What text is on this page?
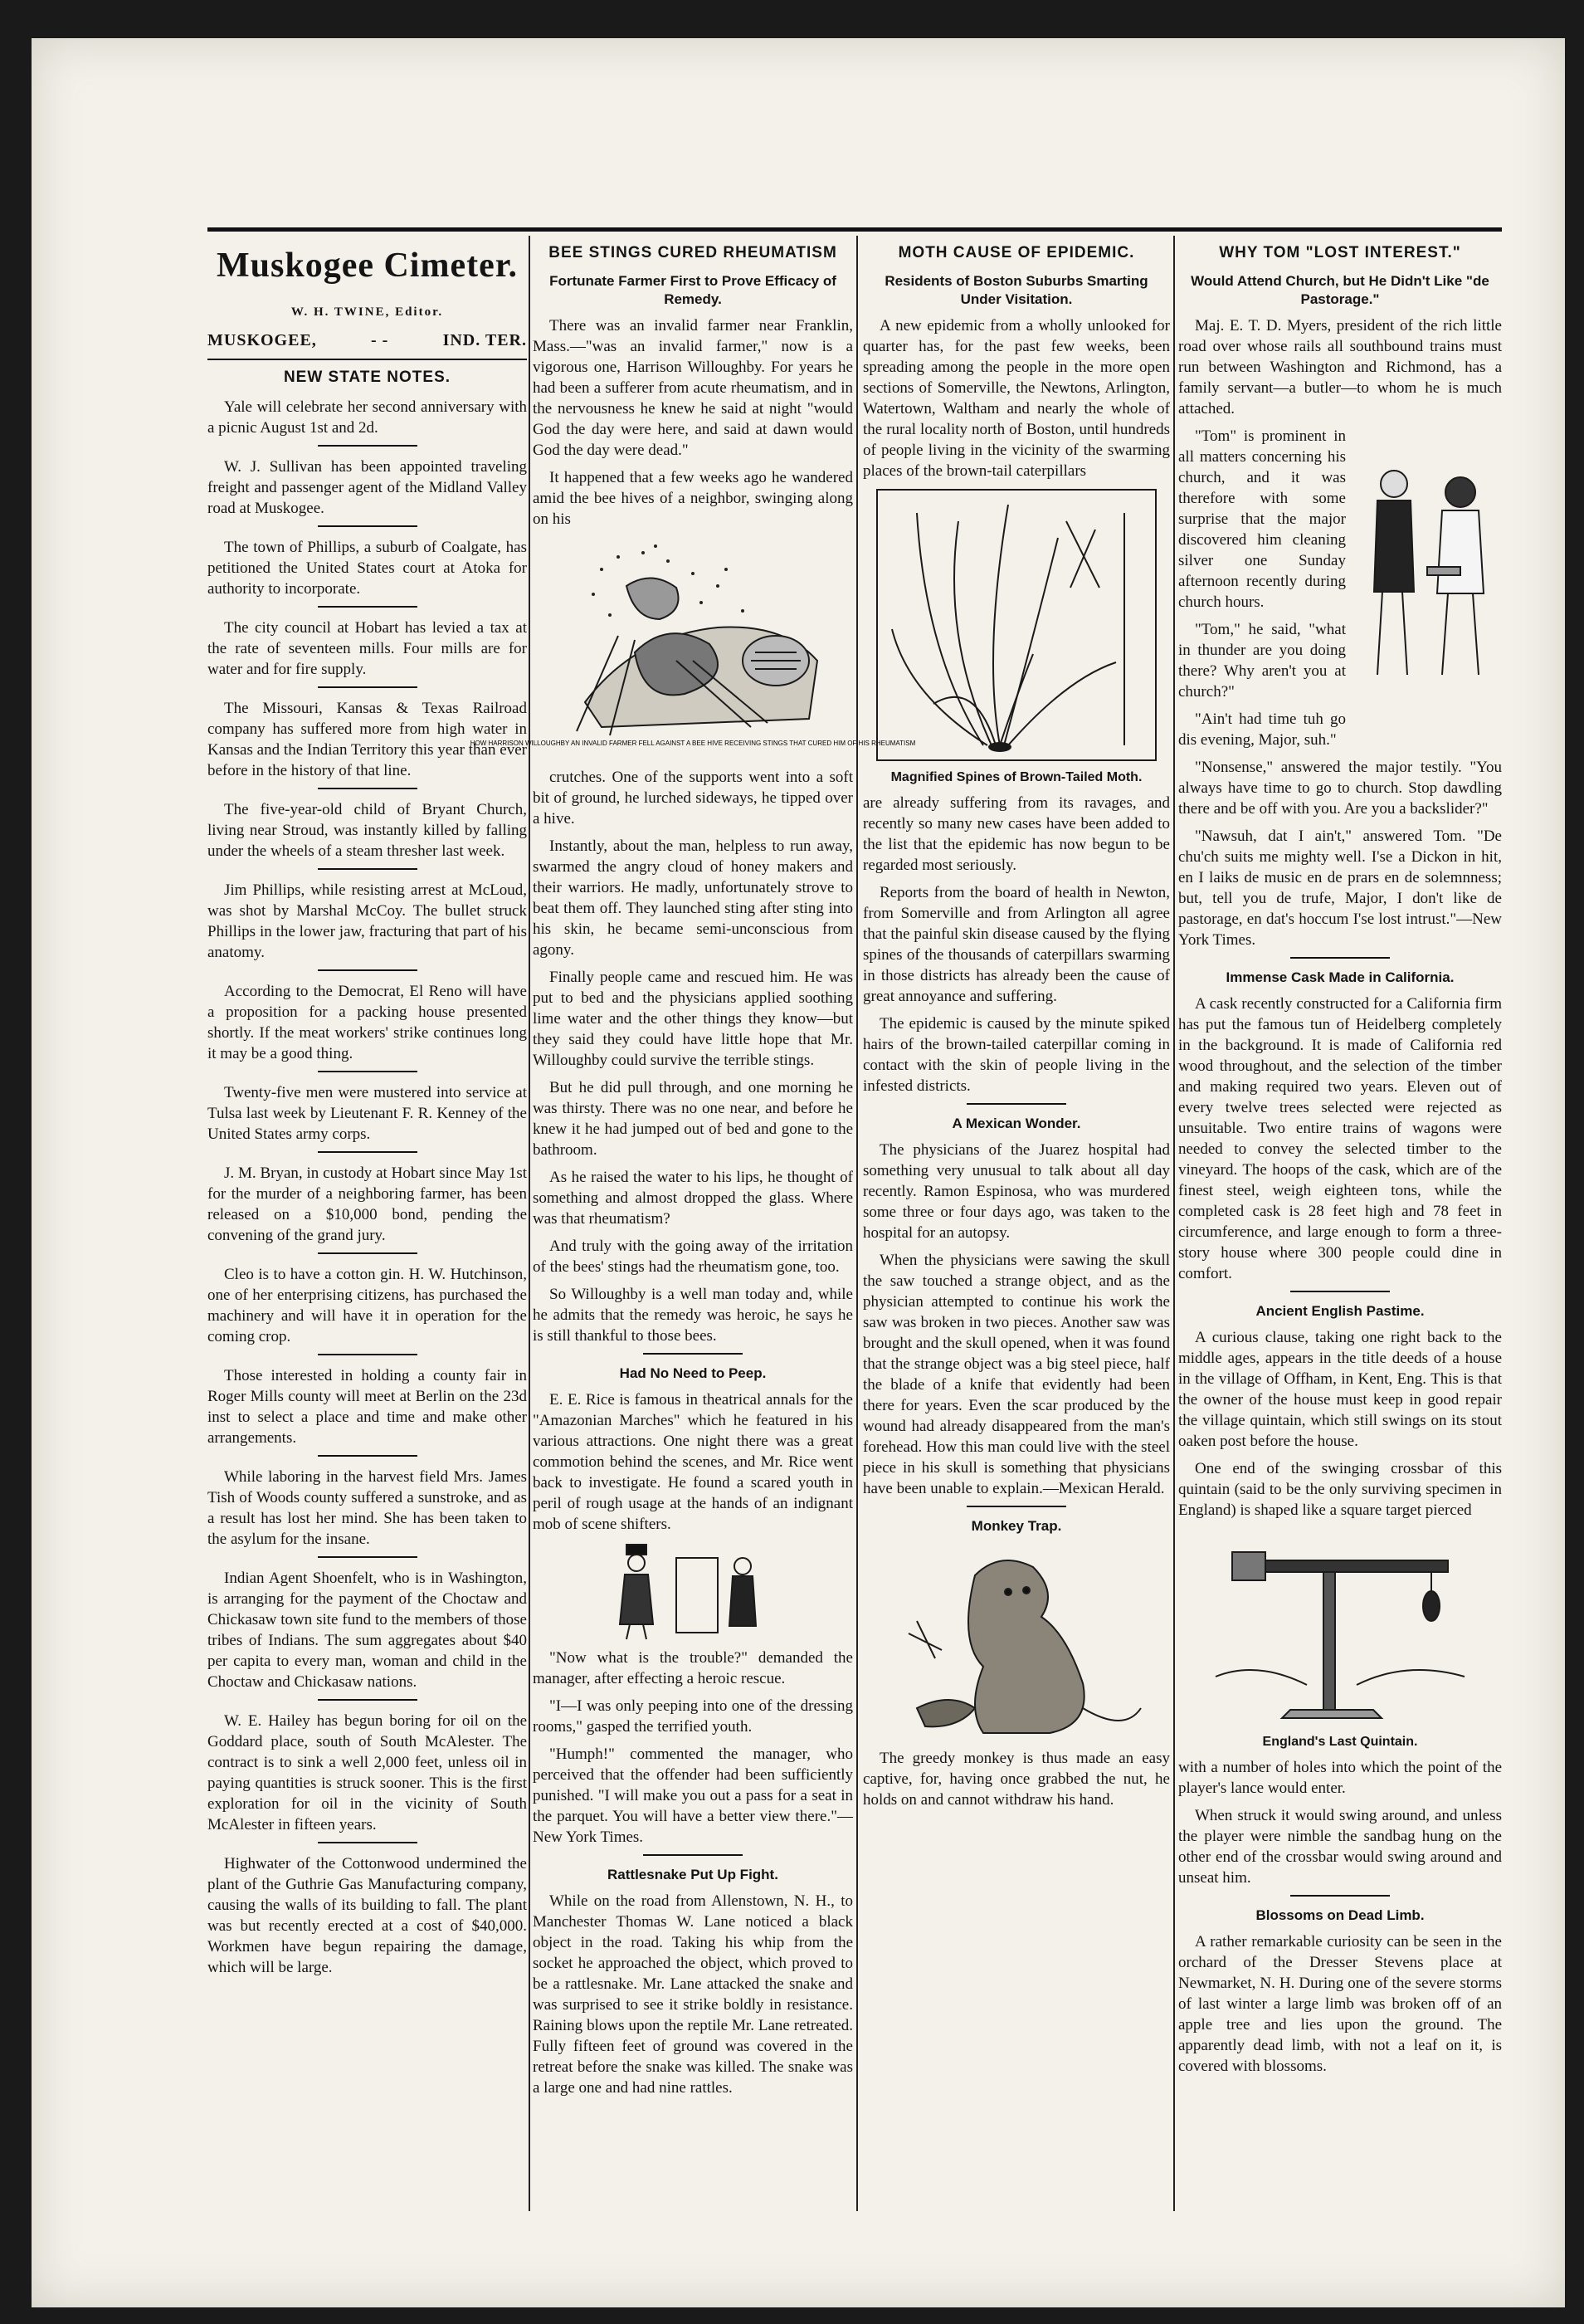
Muskogee Cimeter.
W. H. TWINE, Editor.
MUSKOGEE,	- -	IND. TER.
NEW STATE NOTES.

Yale will celebrate her second anniversary with a picnic August 1st and 2d.

W. J. Sullivan has been appointed traveling freight and passenger agent of the Midland Valley road at Muskogee.

The town of Phillips, a suburb of Coalgate, has petitioned the United States court at Atoka for authority to incorporate.

The city council at Hobart has levied a tax at the rate of seventeen mills. Four mills are for water and for fire supply.

The Missouri, Kansas & Texas Railroad company has suffered more from high water in Kansas and the Indian Territory this year than ever before in the history of that line.

The five-year-old child of Bryant Church, living near Stroud, was instantly killed by falling under the wheels of a steam thresher last week.

Jim Phillips, while resisting arrest at McLoud, was shot by Marshal McCoy. The bullet struck Phillips in the lower jaw, fracturing that part of his anatomy.

According to the Democrat, El Reno will have a proposition for a packing house presented shortly. If the meat workers' strike continues long it may be a good thing.

Twenty-five men were mustered into service at Tulsa last week by Lieutenant F. R. Kenney of the United States army corps.

J. M. Bryan, in custody at Hobart since May 1st for the murder of a neighboring farmer, has been released on a $10,000 bond, pending the convening of the grand jury.

Cleo is to have a cotton gin. H. W. Hutchinson, one of her enterprising citizens, has purchased the machinery and will have it in operation for the coming crop.

Those interested in holding a county fair in Roger Mills county will meet at Berlin on the 23d inst to select a place and time and make other arrangements.

While laboring in the harvest field Mrs. James Tish of Woods county suffered a sunstroke, and as a result has lost her mind. She has been taken to the asylum for the insane.

Indian Agent Shoenfelt, who is in Washington, is arranging for the payment of the Choctaw and Chickasaw town site fund to the members of those tribes of Indians. The sum aggregates about $40 per capita to every man, woman and child in the Choctaw and Chickasaw nations.

W. E. Hailey has begun boring for oil on the Goddard place, south of South McAlester. The contract is to sink a well 2,000 feet, unless oil in paying quantities is struck sooner. This is the first exploration for oil in the vicinity of South McAlester in fifteen years.

Highwater of the Cottonwood undermined the plant of the Guthrie Gas Manufacturing company, causing the walls of its building to fall. The plant was but recently erected at a cost of $40,000. Workmen have begun repairing the damage, which will be large.

BEE STINGS CURED RHEUMATISM
Fortunate Farmer First to Prove Efficacy of Remedy.

There was an invalid farmer near Franklin, Mass.—"was an invalid farmer," now is a vigorous one, Harrison Willoughby. For years he had been a sufferer from acute rheumatism, and in the nervousness he knew he said at night "would God the day were here, and said at dawn would God the day were dead."

It happened that a few weeks ago he wandered amid the bee hives of a neighbor, swinging along on his

HOW HARRISON WILLOUGHBY AN INVALID FARMER FELL AGAINST A BEE HIVE RECEIVING STINGS THAT CURED HIM OF HIS RHEUMATISM

crutches. One of the supports went into a soft bit of ground, he lurched sideways, he tipped over a hive.

Instantly, about the man, helpless to run away, swarmed the angry cloud of honey makers and their warriors. He madly, unfortunately strove to beat them off. They launched sting after sting into his skin, he became semi-unconscious from agony.

Finally people came and rescued him. He was put to bed and the physicians applied soothing lime water and the other things they know—but they said they could have little hope that Mr. Willoughby could survive the terrible stings.

But he did pull through, and one morning he was thirsty. There was no one near, and before he knew it he had jumped out of bed and gone to the bathroom.

As he raised the water to his lips, he thought of something and almost dropped the glass. Where was that rheumatism?

And truly with the going away of the irritation of the bees' stings had the rheumatism gone, too.

So Willoughby is a well man today and, while he admits that the remedy was heroic, he says he is still thankful to those bees.

Had No Need to Peep.

E. E. Rice is famous in theatrical annals for the "Amazonian Marches" which he featured in his various attractions. One night there was a great commotion behind the scenes, and Mr. Rice went back to investigate. He found a scared youth in peril of rough usage at the hands of an indignant mob of scene shifters.

"Now what is the trouble?" demanded the manager, after effecting a heroic rescue.

"I—I was only peeping into one of the dressing rooms," gasped the terrified youth.

"Humph!" commented the manager, who perceived that the offender had been sufficiently punished. "I will make you out a pass for a seat in the parquet. You will have a better view there."—New York Times.

Rattlesnake Put Up Fight.

While on the road from Allenstown, N. H., to Manchester Thomas W. Lane noticed a black object in the road. Taking his whip from the socket he approached the object, which proved to be a rattlesnake. Mr. Lane attacked the snake and was surprised to see it strike boldly in resistance. Raining blows upon the reptile Mr. Lane retreated. Fully fifteen feet of ground was covered in the retreat before the snake was killed. The snake was a large one and had nine rattles.

MOTH CAUSE OF EPIDEMIC.
Residents of Boston Suburbs Smarting Under Visitation.

A new epidemic from a wholly unlooked for quarter has, for the past few weeks, been spreading among the people in the more open sections of Somerville, the Newtons, Arlington, Watertown, Waltham and nearly the whole of the rural locality north of Boston, until hundreds of people living in the vicinity of the swarming places of the brown-tail caterpillars

Magnified Spines of Brown-Tailed Moth.

are already suffering from its ravages, and recently so many new cases have been added to the list that the epidemic has now begun to be regarded most seriously.

Reports from the board of health in Newton, from Somerville and from Arlington all agree that the painful skin disease caused by the flying spines of the thousands of caterpillars swarming in those districts has already been the cause of great annoyance and suffering.

The epidemic is caused by the minute spiked hairs of the brown-tailed caterpillar coming in contact with the skin of people living in the infested districts.

A Mexican Wonder.

The physicians of the Juarez hospital had something very unusual to talk about all day recently. Ramon Espinosa, who was murdered some three or four days ago, was taken to the hospital for an autopsy.

When the physicians were sawing the skull the saw touched a strange object, and as the physician attempted to continue his work the saw was broken in two pieces. Another saw was brought and the skull opened, when it was found that the strange object was a big steel piece, half the blade of a knife that evidently had been there for years. Even the scar produced by the wound had already disappeared from the man's forehead. How this man could live with the steel piece in his skull is something that physicians have been unable to explain.—Mexican Herald.

Monkey Trap.

The greedy monkey is thus made an easy captive, for, having once grabbed the nut, he holds on and cannot withdraw his hand.

WHY TOM "LOST INTEREST."
Would Attend Church, but He Didn't Like "de Pastorage."

Maj. E. T. D. Myers, president of the rich little road over whose rails all southbound trains must run between Washington and Richmond, has a family servant—a butler—to whom he is much attached.

"Tom" is prominent in all matters concerning his church, and it was therefore with some surprise that the major discovered him cleaning silver one Sunday afternoon recently during church hours.

"Tom," he said, "what in thunder are you doing there? Why aren't you at church?"

"Ain't had time tuh go dis evening, Major, suh."

"Nonsense," answered the major testily. "You always have time to go to church. Stop dawdling there and be off with you. Are you a backslider?"

"Nawsuh, dat I ain't," answered Tom. "De chu'ch suits me mighty well. I'se a Dickon in hit, en I laiks de music en de prars en de solemnness; but, tell you de trufe, Major, I don't like de pastorage, en dat's hoccum I'se lost intrust."—New York Times.

Immense Cask Made in California.

A cask recently constructed for a California firm has put the famous tun of Heidelberg completely in the background. It is made of California red wood throughout, and the selection of the timber and making required two years. Eleven out of every twelve trees selected were rejected as unsuitable. Two entire trains of wagons were needed to convey the selected timber to the vineyard. The hoops of the cask, which are of the finest steel, weigh eighteen tons, while the completed cask is 28 feet high and 78 feet in circumference, and large enough to form a three-story house where 300 people could dine in comfort.

Ancient English Pastime.

A curious clause, taking one right back to the middle ages, appears in the title deeds of a house in the village of Offham, in Kent, Eng. This is that the owner of the house must keep in good repair the village quintain, which still swings on its stout oaken post before the house.

One end of the swinging crossbar of this quintain (said to be the only surviving specimen in England) is shaped like a square target pierced

England's Last Quintain.

with a number of holes into which the point of the player's lance would enter.

When struck it would swing around, and unless the player were nimble the sandbag hung on the other end of the crossbar would swing around and unseat him.

Blossoms on Dead Limb.

A rather remarkable curiosity can be seen in the orchard of the Dresser Stevens place at Newmarket, N. H. During one of the severe storms of last winter a large limb was broken off of an apple tree and lies upon the ground. The apparently dead limb, with not a leaf on it, is covered with blossoms.
